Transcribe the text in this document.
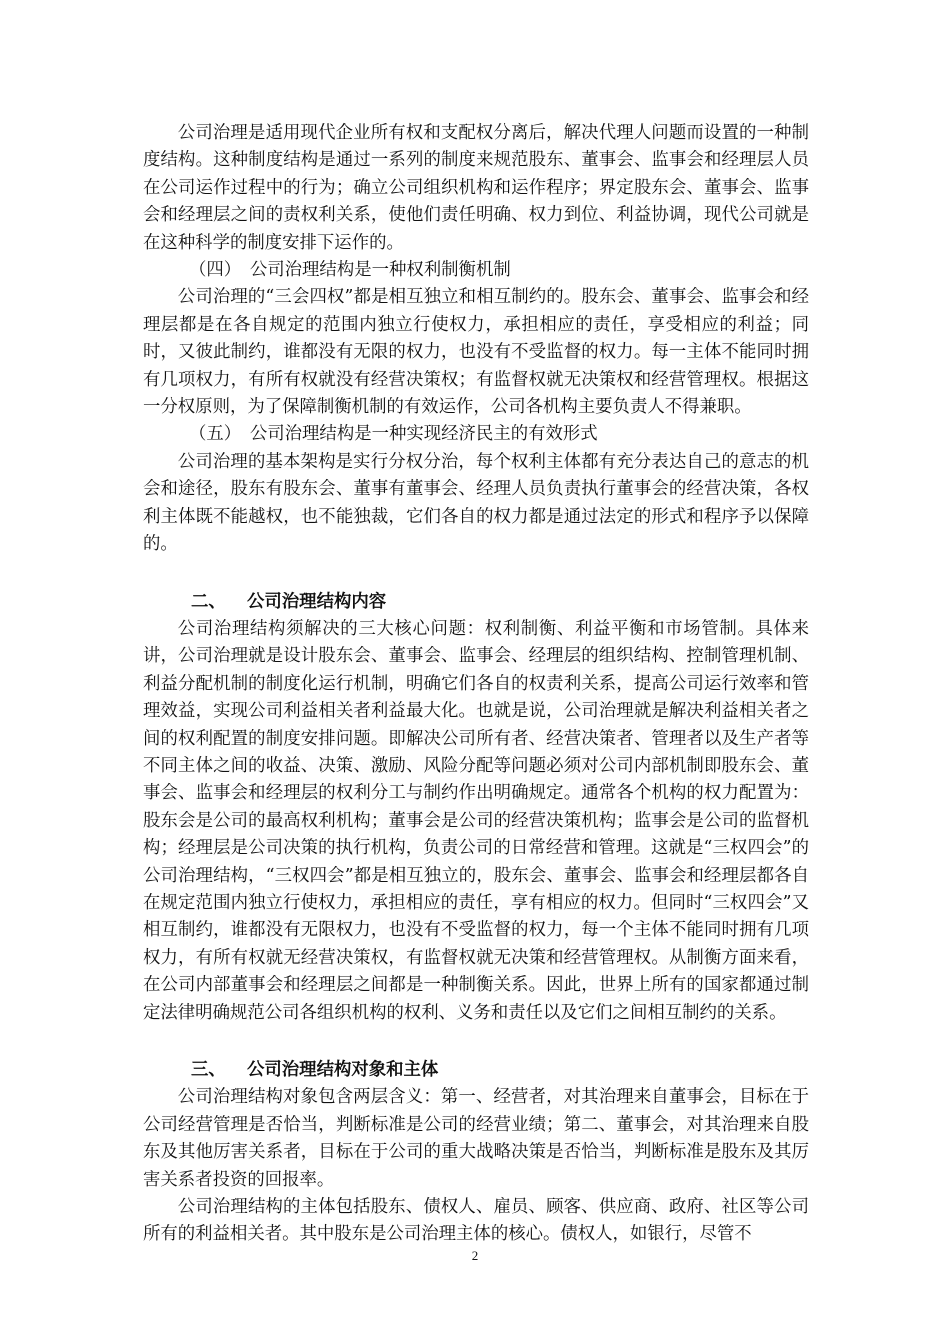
公司治理是适用现代企业所有权和支配权分离后，解决代理人问题而设置的一种制度结构。这种制度结构是通过一系列的制度来规范股东、董事会、监事会和经理层人员在公司运作过程中的行为；确立公司组织机构和运作程序；界定股东会、董事会、监事会和经理层之间的责权利关系，使他们责任明确、权力到位、利益协调，现代公司就是在这种科学的制度安排下运作的。

（四）　公司治理结构是一种权利制衡机制

公司治理的“三会四权”都是相互独立和相互制约的。股东会、董事会、监事会和经理层都是在各自规定的范围内独立行使权力，承担相应的责任，享受相应的利益；同时，又彼此制约，谁都没有无限的权力，也没有不受监督的权力。每一主体不能同时拥有几项权力，有所有权就没有经营决策权；有监督权就无决策权和经营管理权。根据这一分权原则，为了保障制衡机制的有效运作，公司各机构主要负责人不得兼职。

（五）　公司治理结构是一种实现经济民主的有效形式

公司治理的基本架构是实行分权分治，每个权利主体都有充分表达自己的意志的机会和途径，股东有股东会、董事有董事会、经理人员负责执行董事会的经营决策，各权利主体既不能越权，也不能独裁，它们各自的权力都是通过法定的形式和程序予以保障的。

二、 公司治理结构内容

公司治理结构须解决的三大核心问题：权利制衡、利益平衡和市场管制。具体来讲，公司治理就是设计股东会、董事会、监事会、经理层的组织结构、控制管理机制、利益分配机制的制度化运行机制，明确它们各自的权责利关系，提高公司运行效率和管理效益，实现公司利益相关者利益最大化。也就是说，公司治理就是解决利益相关者之间的权利配置的制度安排问题。即解决公司所有者、经营决策者、管理者以及生产者等不同主体之间的收益、决策、激励、风险分配等问题必须对公司内部机制即股东会、董事会、监事会和经理层的权利分工与制约作出明确规定。通常各个机构的权力配置为：股东会是公司的最高权利机构；董事会是公司的经营决策机构；监事会是公司的监督机构；经理层是公司决策的执行机构，负责公司的日常经营和管理。这就是“三权四会”的公司治理结构，“三权四会”都是相互独立的，股东会、董事会、监事会和经理层都各自在规定范围内独立行使权力，承担相应的责任，享有相应的权力。但同时“三权四会”又相互制约，谁都没有无限权力，也没有不受监督的权力，每一个主体不能同时拥有几项权力，有所有权就无经营决策权，有监督权就无决策和经营管理权。从制衡方面来看，在公司内部董事会和经理层之间都是一种制衡关系。因此，世界上所有的国家都通过制定法律明确规范公司各组织机构的权利、义务和责任以及它们之间相互制约的关系。

三、 公司治理结构对象和主体

公司治理结构对象包含两层含义：第一、经营者，对其治理来自董事会，目标在于公司经营管理是否恰当，判断标准是公司的经营业绩；第二、董事会，对其治理来自股东及其他厉害关系者，目标在于公司的重大战略决策是否恰当，判断标准是股东及其厉害关系者投资的回报率。

公司治理结构的主体包括股东、债权人、雇员、顾客、供应商、政府、社区等公司所有的利益相关者。其中股东是公司治理主体的核心。债权人，如银行，尽管不

2
